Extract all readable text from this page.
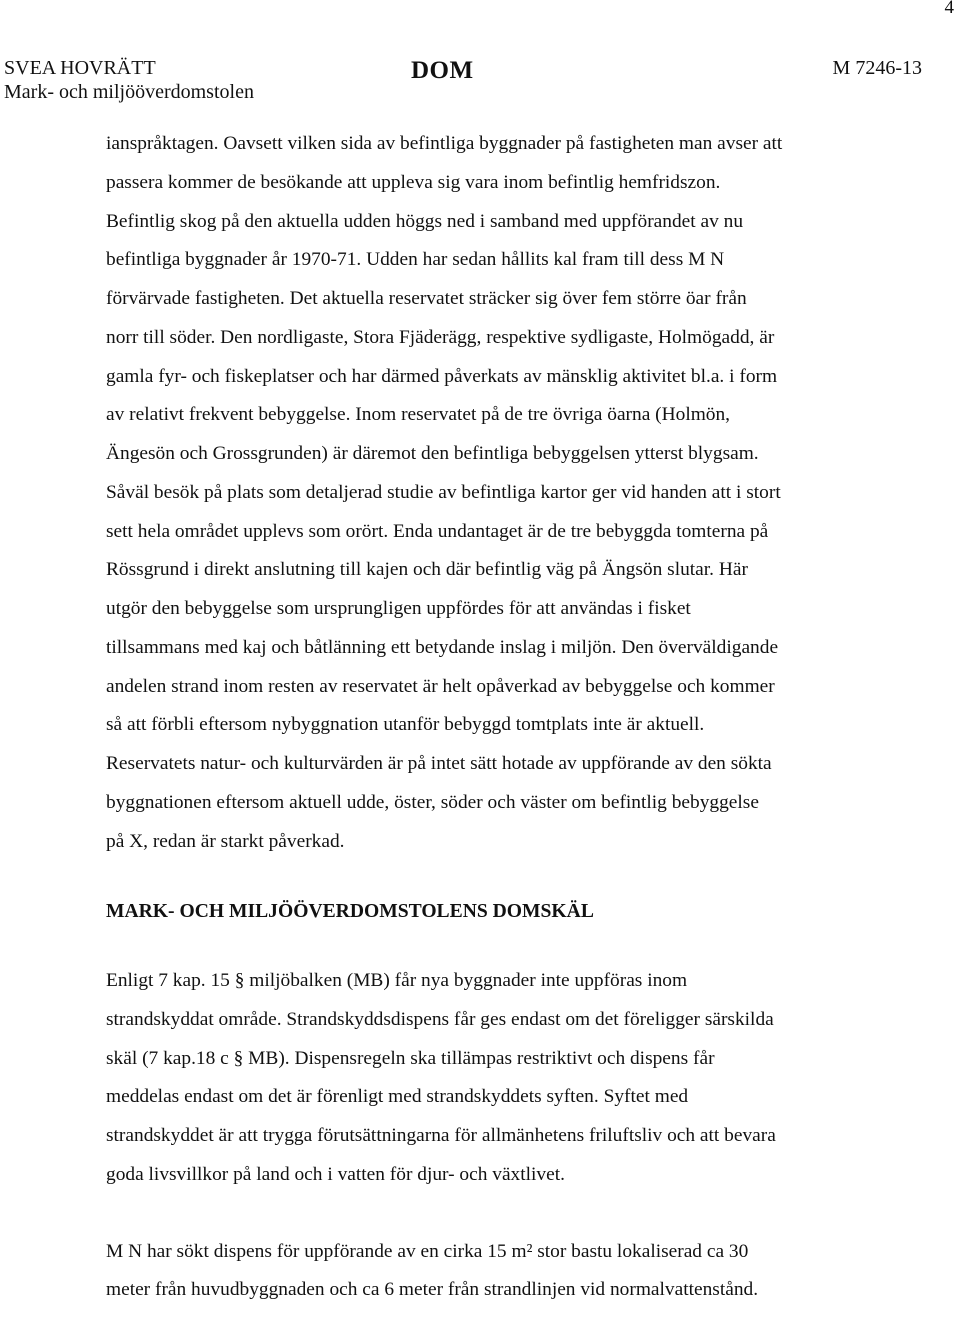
4
SVEA HOVRÄTT
Mark- och miljööverdomstolen
DOM	M 7246-13
ianspråktagen. Oavsett vilken sida av befintliga byggnader på fastigheten man avser att
passera kommer de besökande att uppleva sig vara inom befintlig hemfridszon.
Befintlig skog på den aktuella udden höggs ned i samband med uppförandet av nu
befintliga byggnader år 1970-71. Udden har sedan hållits kal fram till dess M N
förvärvade fastigheten. Det aktuella reservatet sträcker sig över fem större öar från
norr till söder. Den nordligaste, Stora Fjäderägg, respektive sydligaste, Holmögadd, är
gamla fyr- och fiskeplatser och har därmed påverkats av mänsklig aktivitet bl.a. i form
av relativt frekvent bebyggelse. Inom reservatet på de tre övriga öarna (Holmön,
Ängesön och Grossgrunden) är däremot den befintliga bebyggelsen ytterst blygsam.
Såväl besök på plats som detaljerad studie av befintliga kartor ger vid handen att i stort
sett hela området upplevs som orört. Enda undantaget är de tre bebyggda tomterna på
Rössgrund i direkt anslutning till kajen och där befintlig väg på Ängsön slutar. Här
utgör den bebyggelse som ursprungligen uppfördes för att användas i fisket
tillsammans med kaj och båtlänning ett betydande inslag i miljön. Den överväldigande
andelen strand inom resten av reservatet är helt opåverkad av bebyggelse och kommer
så att förbli eftersom nybyggnation utanför bebyggd tomtplats inte är aktuell.
Reservatets natur- och kulturvärden är på intet sätt hotade av uppförande av den sökta
byggnationen eftersom aktuell udde, öster, söder och väster om befintlig bebyggelse
på X, redan är starkt påverkad.
MARK- OCH MILJÖÖVERDOMSTOLENS DOMSKÄL
Enligt 7 kap. 15 § miljöbalken (MB) får nya byggnader inte uppföras inom
strandskyddat område. Strandskyddsdispens får ges endast om det föreligger särskilda
skäl (7 kap.18 c § MB). Dispensregeln ska tillämpas restriktivt och dispens får
meddelas endast om det är förenligt med strandskyddets syften. Syftet med
strandskyddet är att trygga förutsättningarna för allmänhetens friluftsliv och att bevara
goda livsvillkor på land och i vatten för djur- och växtlivet.
M N har sökt dispens för uppförande av en cirka 15 m² stor bastu lokaliserad ca 30
meter från huvudbyggnaden och ca 6 meter från strandlinjen vid normalvattenstånd.
